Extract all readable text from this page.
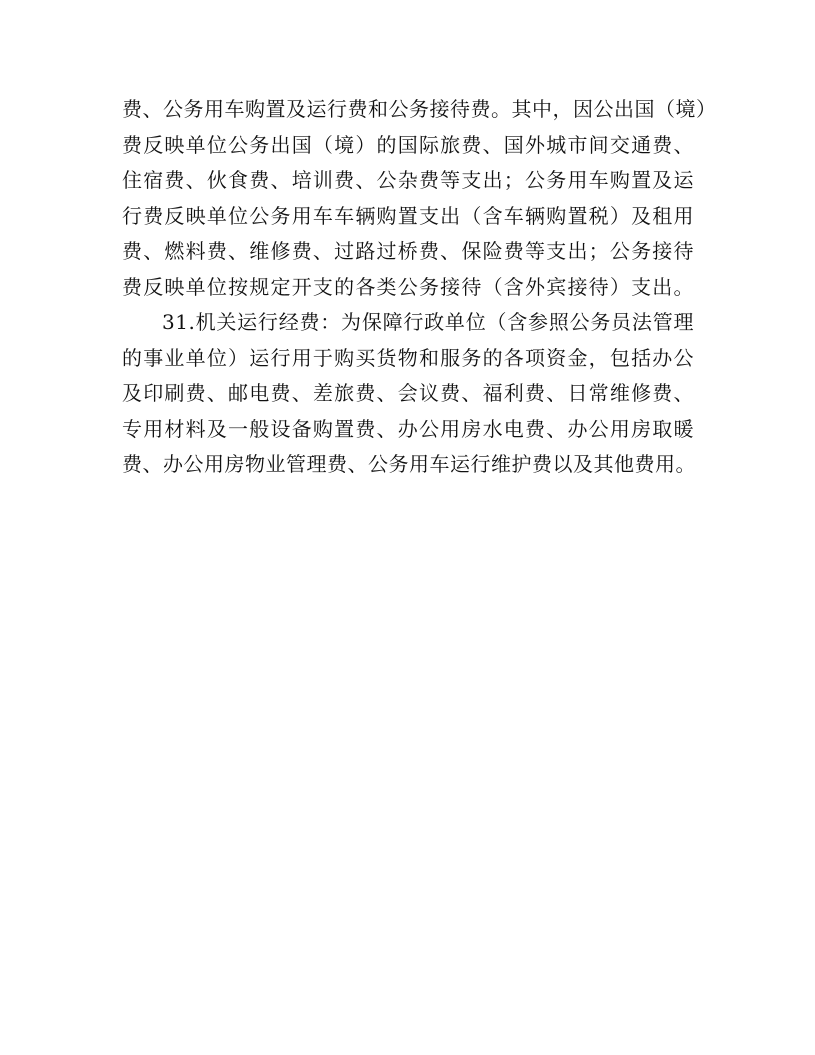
费、公务用车购置及运行费和公务接待费。其中，因公出国（境）
费反映单位公务出国（境）的国际旅费、国外城市间交通费、
住宿费、伙食费、培训费、公杂费等支出；公务用车购置及运
行费反映单位公务用车车辆购置支出（含车辆购置税）及租用
费、燃料费、维修费、过路过桥费、保险费等支出；公务接待
费反映单位按规定开支的各类公务接待（含外宾接待）支出。
31.机关运行经费：为保障行政单位（含参照公务员法管理
的事业单位）运行用于购买货物和服务的各项资金，包括办公
及印刷费、邮电费、差旅费、会议费、福利费、日常维修费、
专用材料及一般设备购置费、办公用房水电费、办公用房取暖
费、办公用房物业管理费、公务用车运行维护费以及其他费用。
